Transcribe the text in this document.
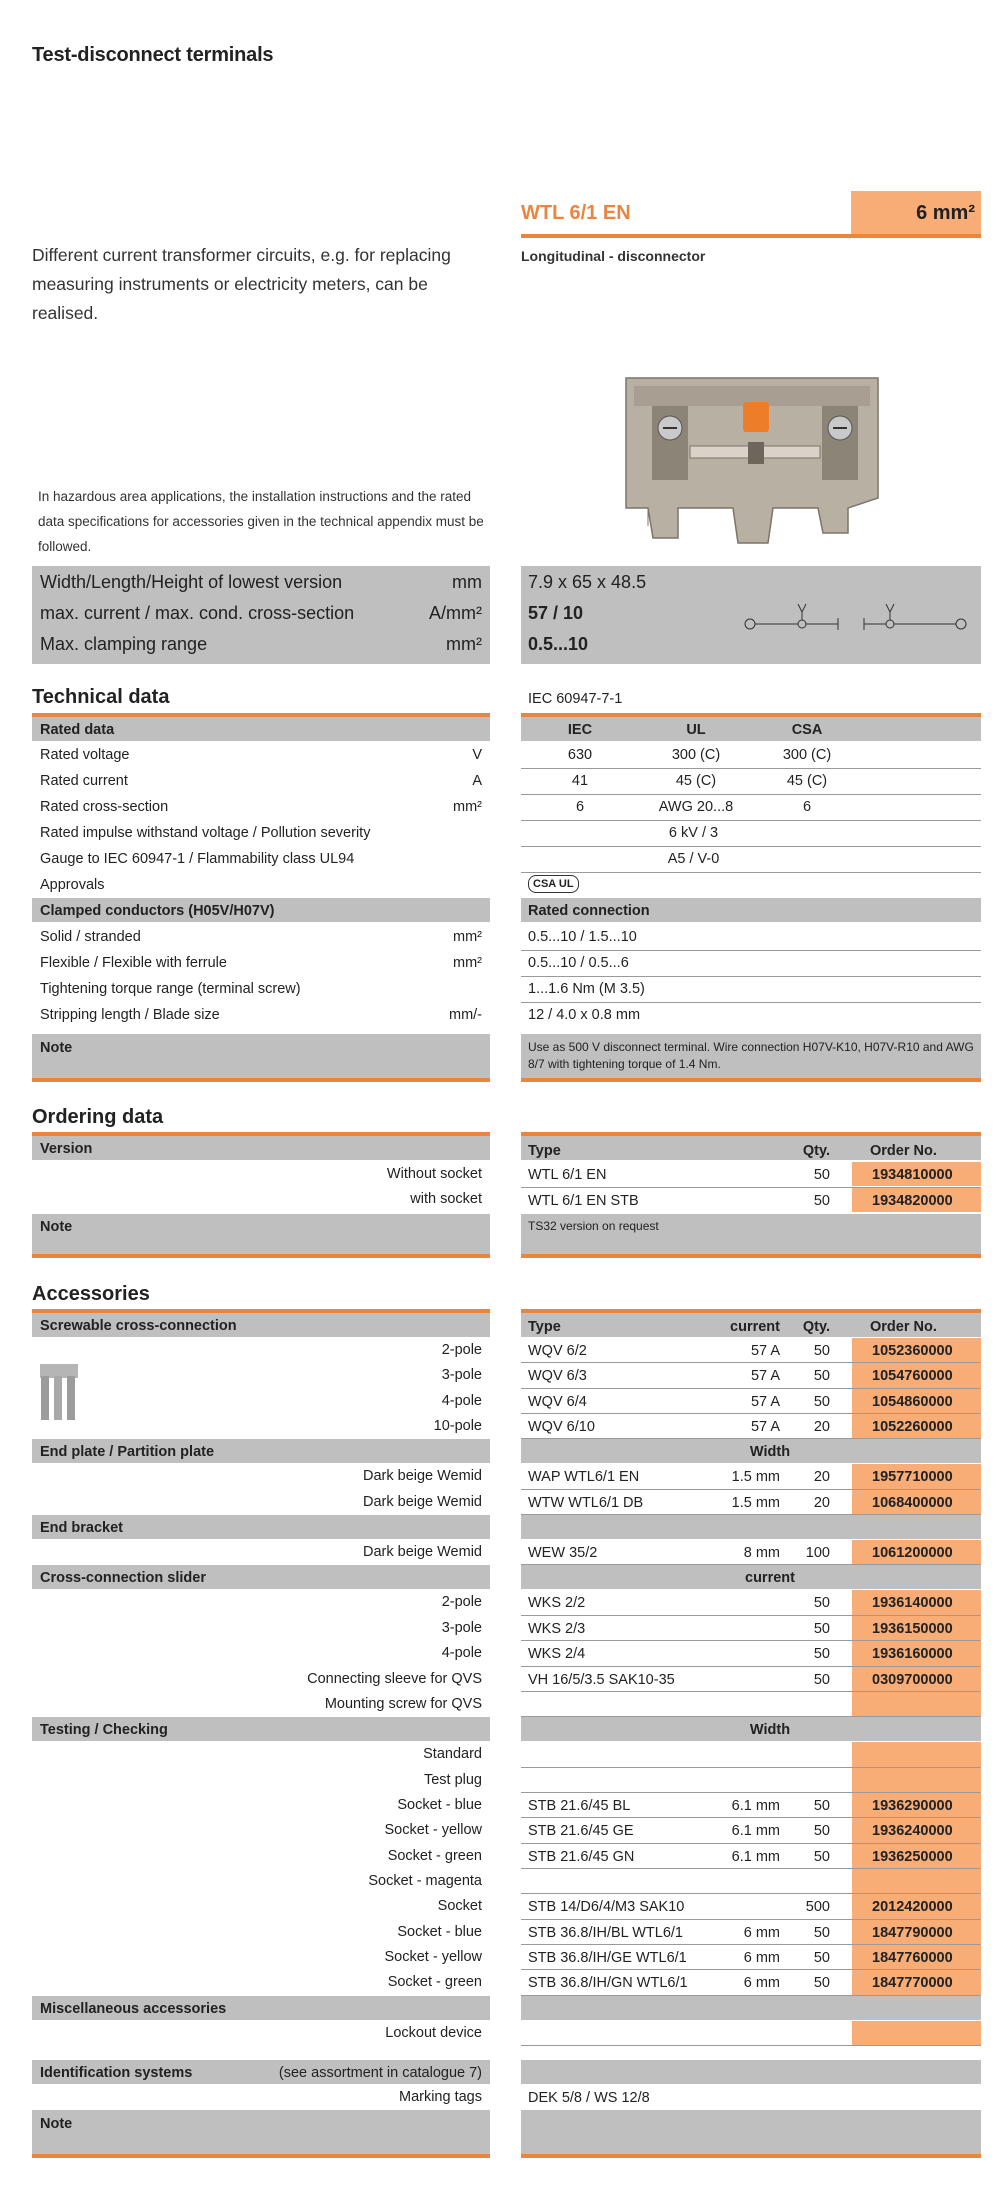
Test-disconnect terminals
WTL 6/1 EN	6 mm²
Longitudinal - disconnector
Different current transformer circuits, e.g. for replacing measuring instruments or electricity meters, can be realised.
In hazardous area applications, the installation instructions and the rated data specifications for accessories given in the technical appendix must be followed.
Width/Length/Height of lowest version	mm	7.9 x 65 x 48.5
max. current / max. cond. cross-section	A/mm²	57 / 10
Max. clamping range	mm²	0.5...10
Technical data	IEC 60947-7-1
Rated data	IEC	UL	CSA
Rated voltage	V	630	300 (C)	300 (C)
Rated current	A	41	45 (C)	45 (C)
Rated cross-section	mm²	6	AWG 20...8	6
Rated impulse withstand voltage / Pollution severity	6 kV / 3
Gauge to IEC 60947-1 / Flammability class UL94	A5 / V-0
Approvals	CSA UL
Clamped conductors (H05V/H07V)	Rated connection
Solid / stranded	mm²	0.5...10 / 1.5...10
Flexible / Flexible with ferrule	mm²	0.5...10 / 0.5...6
Tightening torque range (terminal screw)	1...1.6 Nm (M 3.5)
Stripping length / Blade size	mm/-	12 / 4.0 x 0.8 mm
Note	Use as 500 V disconnect terminal. Wire connection H07V-K10, H07V-R10 and AWG 8/7 with tightening torque of 1.4 Nm.
Ordering data
Version	Type	Qty.	Order No.
Without socket	WTL 6/1 EN	50	1934810000
with socket	WTL 6/1 EN STB	50	1934820000
Note	TS32 version on request
Accessories
Screwable cross-connection	Type	current	Qty.	Order No.
2-pole	WQV 6/2	57 A	50	1052360000
3-pole	WQV 6/3	57 A	50	1054760000
4-pole	WQV 6/4	57 A	50	1054860000
10-pole	WQV 6/10	57 A	20	1052260000
End plate / Partition plate	Width
Dark beige Wemid	WAP WTL6/1 EN	1.5 mm	20	1957710000
Dark beige Wemid	WTW WTL6/1 DB	1.5 mm	20	1068400000
End bracket
Dark beige Wemid	WEW 35/2	8 mm	100	1061200000
Cross-connection slider	current
2-pole	WKS 2/2	50	1936140000
3-pole	WKS 2/3	50	1936150000
4-pole	WKS 2/4	50	1936160000
Connecting sleeve for QVS	VH 16/5/3.5 SAK10-35	50	0309700000
Mounting screw for QVS
Testing / Checking	Width
Standard
Test plug
Socket - blue	STB 21.6/45 BL	6.1 mm	50	1936290000
Socket - yellow	STB 21.6/45 GE	6.1 mm	50	1936240000
Socket - green	STB 21.6/45 GN	6.1 mm	50	1936250000
Socket - magenta
Socket	STB 14/D6/4/M3 SAK10	500	2012420000
Socket - blue	STB 36.8/IH/BL WTL6/1	6 mm	50	1847790000
Socket - yellow	STB 36.8/IH/GE WTL6/1	6 mm	50	1847760000
Socket - green	STB 36.8/IH/GN WTL6/1	6 mm	50	1847770000
Miscellaneous accessories
Lockout device
Identification systems	(see assortment in catalogue 7)
Marking tags	DEK 5/8 / WS 12/8
Note
